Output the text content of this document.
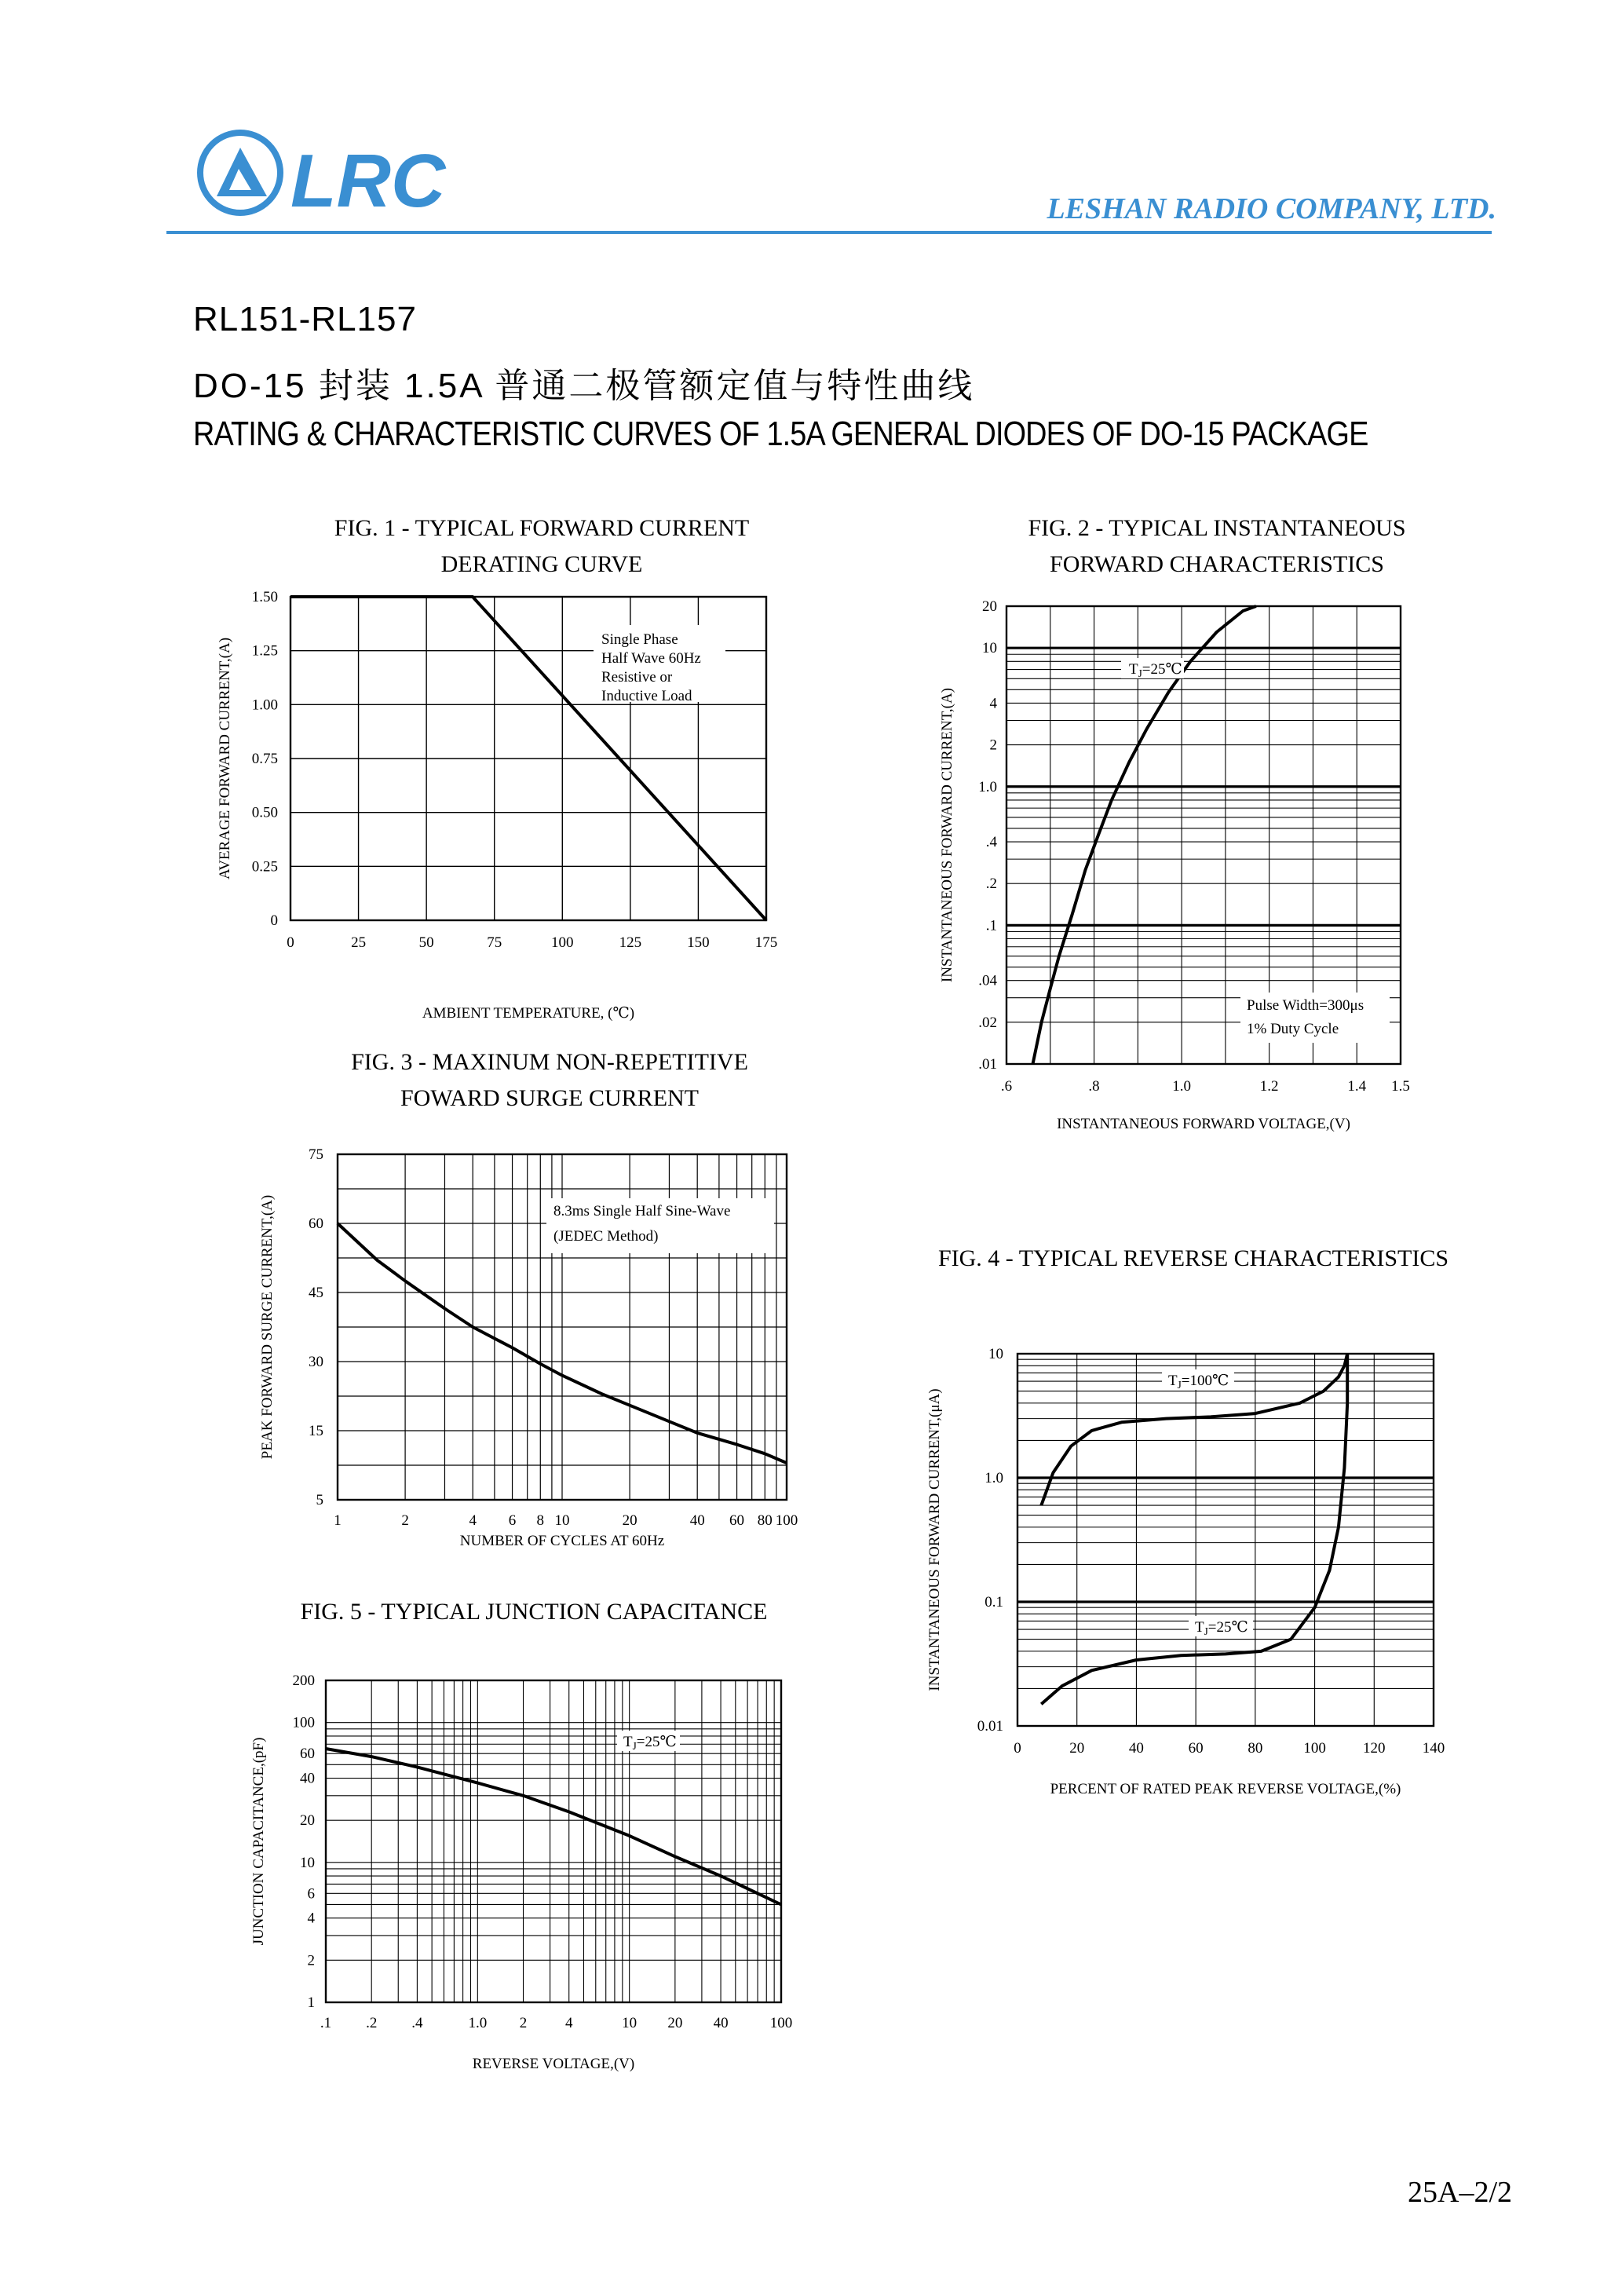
LRC	LESHAN RADIO COMPANY, LTD.
RL151-RL157
DO-15 封装 1.5A 普通二极管额定值与特性曲线
RATING & CHARACTERISTIC CURVES OF 1.5A GENERAL DIODES OF DO-15 PACKAGE
FIG. 1 - TYPICAL FORWARD CURRENT
DERATING CURVE
FIG. 2 - TYPICAL INSTANTANEOUS
FORWARD CHARACTERISTICS
FIG. 3 - MAXINUM NON-REPETITIVE
FOWARD SURGE CURRENT
FIG. 4 - TYPICAL REVERSE CHARACTERISTICS
FIG. 5 - TYPICAL JUNCTION CAPACITANCE
0	25	50	75	100	125	150	175
0
0.25
0.50
0.75
1.00
1.25
1.50
AMBIENT TEMPERATURE, (℃)
AVERAGE FORWARD CURRENT,(A)	Single Phase
Half Wave 60Hz
Resistive or
Inductive Load
.6	.8	1.0	1.2	1.4 1.5
.01
.02
.04
.1
.2
.4
1.0
2
4
10
20
INSTANTANEOUS FORWARD VOLTAGE,(V)
INSTANTANEOUS FORWARD CURRENT,(A)
$T_J=25℃$
Pulse Width=300μs
1% Duty Cycle
1	2	4 6 8 10	20	40 60 80 100
5
15
30
45
60
75
NUMBER OF CYCLES AT 60Hz
PEAK FORWARD SURGE CURRENT,(A)	8.3ms Single Half Sine-Wave
(JEDEC Method)
0	20	40	60	80	100 120 140
0.01
0.1
1.0
10
PERCENT OF RATED PEAK REVERSE VOLTAGE,(%)
INSTANTANEOUS FORWARD CURRENT,(μA)
$T_J=100℃$
$T_J=25℃$
.1 .2 .4	1.0 2	4	10 20 40	100
1
2
4
6
10
20
40
60
100
200
REVERSE VOLTAGE,(V)
JUNCTION CAPACITANCE,(pF)	$T_J=25℃$
25A–2/2
